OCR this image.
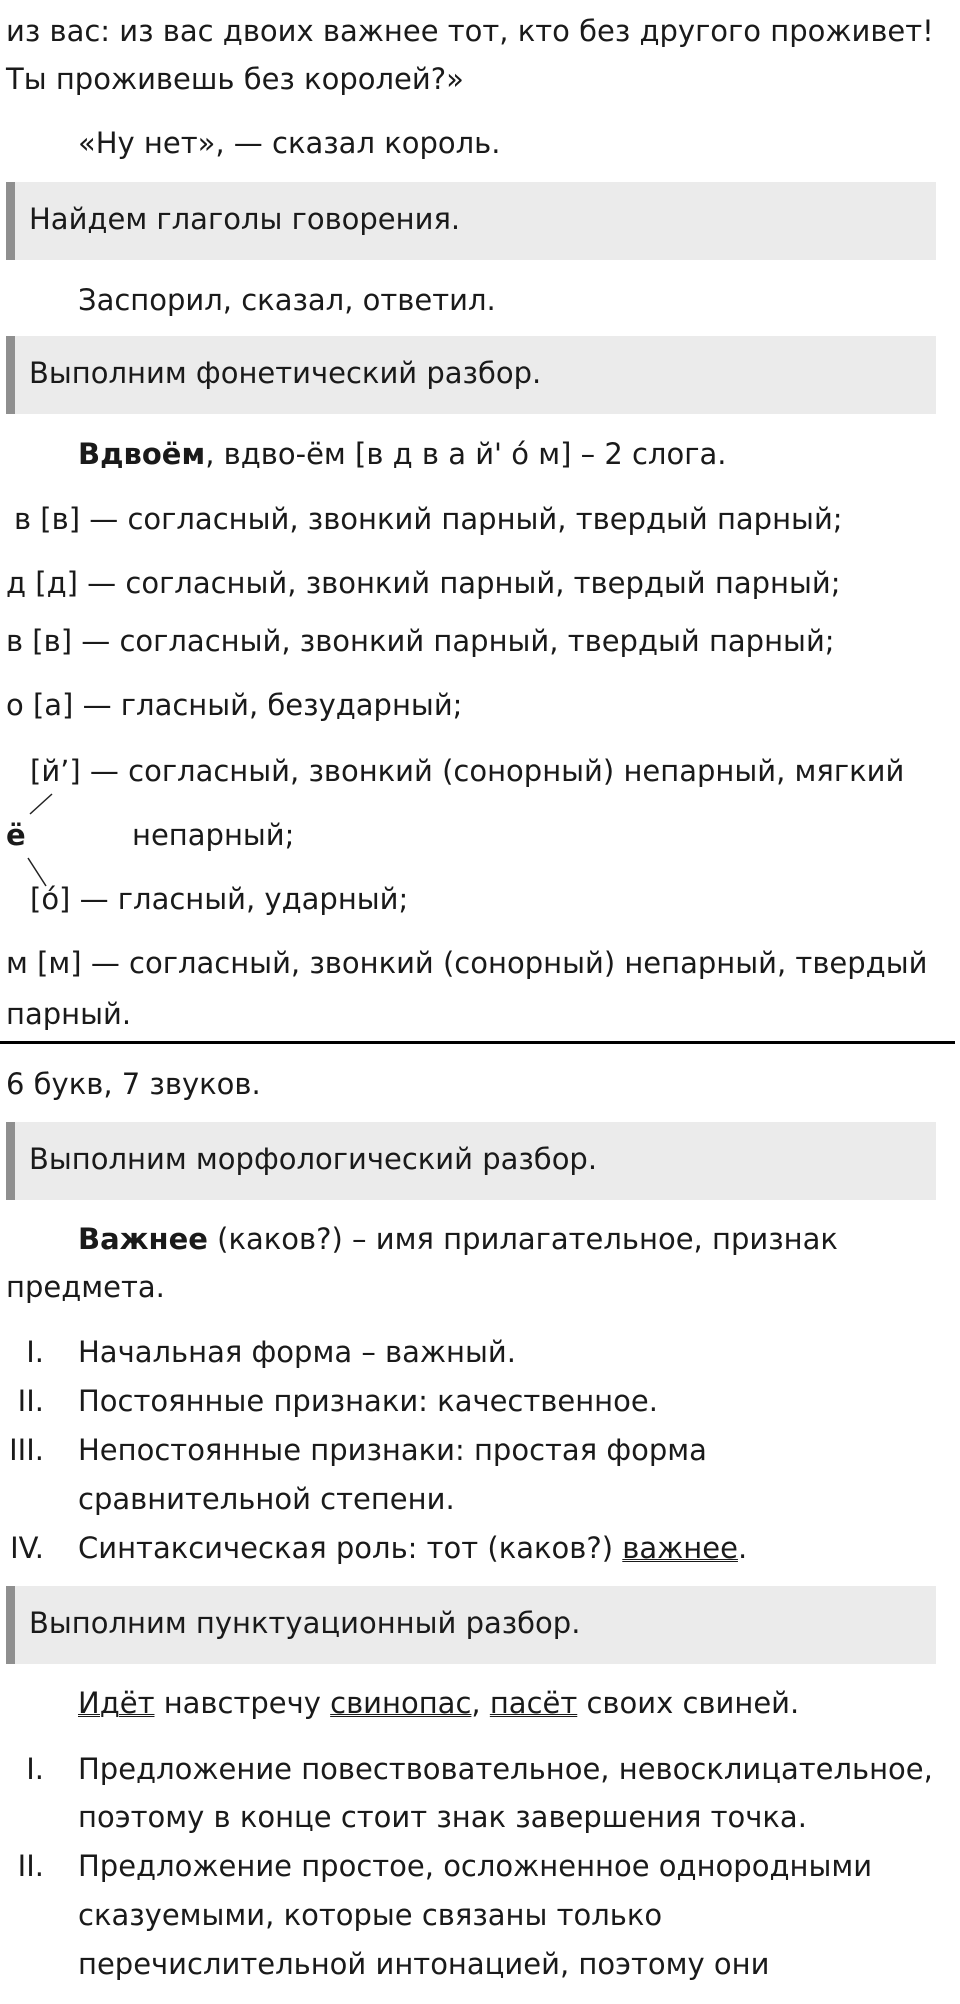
из вас: из вас двоих важнее тот, кто без другого проживет!
Ты проживешь без королей?»
«Ну нет», — сказал король.
Найдем глаголы говорения.
Заспорил, сказал, ответил.
Выполним фонетический разбор.
Вдвоём, вдво-ём [в д в а й' о́ м] – 2 слога.
в [в] — согласный, звонкий парный, твердый парный;
д [д] — согласный, звонкий парный, твердый парный;
в [в] — согласный, звонкий парный, твердый парный;
о [а] — гласный, безударный;
[й’] — согласный, звонкий (сонорный) непарный, мягкий
ё	непарный;
[о́] — гласный, ударный;
м [м] — согласный, звонкий (сонорный) непарный, твердый
парный.
6 букв, 7 звуков.
Выполним морфологический разбор.
Важнее (каков?) – имя прилагательное, признак
предмета.
I. Начальная форма – важный.
II. Постоянные признаки: качественное.
III. Непостоянные признаки: простая форма
сравнительной степени.
IV. Синтаксическая роль: тот (каков?) важнее.
Выполним пунктуационный разбор.
Идёт навстречу свинопас, пасёт своих свиней.
I. Предложение повествовательное, невосклицательное,
поэтому в конце стоит знак завершения точка.
II. Предложение простое, осложненное однородными
сказуемыми, которые связаны только
перечислительной интонацией, поэтому они
